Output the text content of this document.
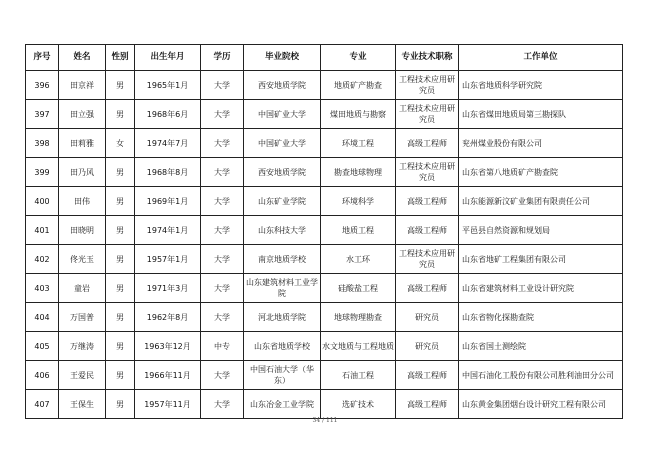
序号	姓名	性别	出生年月	学历	毕业院校	专业	专业技术职称	工作单位
396	田京祥	男	1965年1月	大学	西安地质学院	地质矿产勘查	工程技术应用研究员	山东省地质科学研究院
397	田立强	男	1968年6月	大学	中国矿业大学	煤田地质与勘察	工程技术应用研究员	山东省煤田地质局第三勘探队
398	田莉雅	女	1974年7月	大学	中国矿业大学	环境工程	高级工程师	兖州煤业股份有限公司
399	田乃风	男	1968年8月	大学	西安地质学院	勘查地球物理	工程技术应用研究员	山东省第八地质矿产勘查院
400	田伟	男	1969年1月	大学	山东矿业学院	环境科学	高级工程师	山东能源新汶矿业集团有限责任公司
401	田晓明	男	1974年1月	大学	山东科技大学	地质工程	高级工程师	平邑县自然资源和规划局
402	佟光玉	男	1957年1月	大学	南京地质学校	水工环	工程技术应用研究员	山东省地矿工程集团有限公司
403	童岩	男	1971年3月	大学	山东建筑材料工业学院	硅酸盐工程	高级工程师	山东省建筑材料工业设计研究院
404	万国普	男	1962年8月	大学	河北地质学院	地球物理勘查	研究员	山东省物化探勘查院
405	万继涛	男	1963年12月	中专	山东省地质学校	水文地质与工程地质	研究员	山东省国土测绘院
406	王爱民	男	1966年11月	大学	中国石油大学（华东）	石油工程	高级工程师	中国石油化工股份有限公司胜利油田分公司
407	王保生	男	1957年11月	大学	山东冶金工业学院	选矿技术	高级工程师	山东黄金集团烟台设计研究工程有限公司
34 / 111
